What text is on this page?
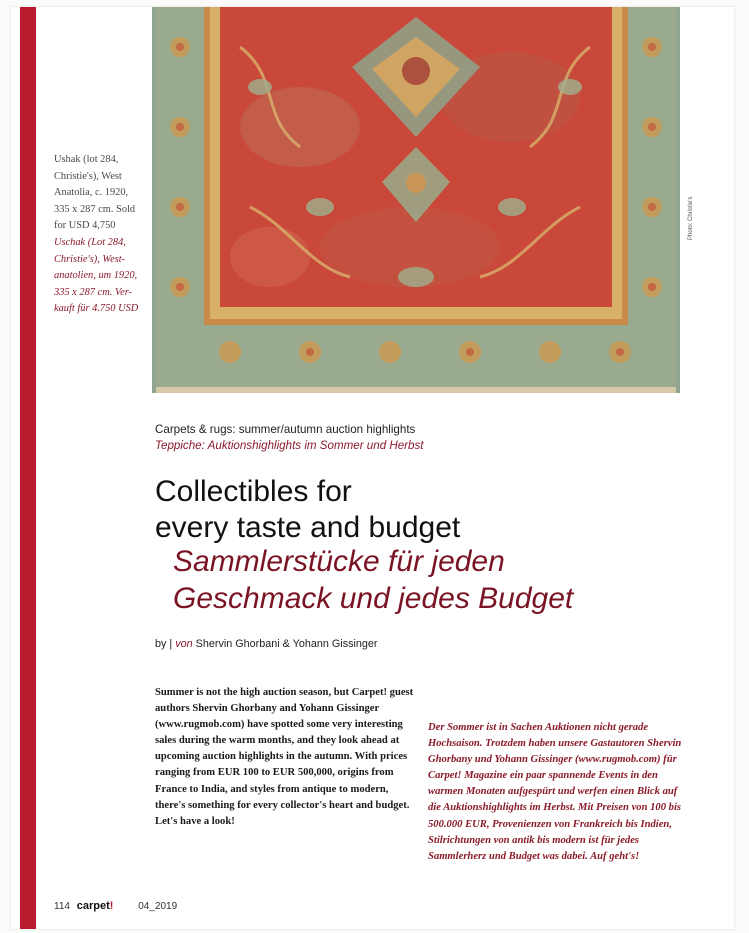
Photo: Christie's

Ushak (lot 284, Christie's), West Anatolia, c. 1920, 335 x 287 cm. Sold for USD 4,750

Uschak (Lot 284, Christie's), West-anatolien, um 1920, 335 x 287 cm. Ver-kauft für 4.750 USD

Carpets & rugs: summer/autumn auction highlights
Teppiche: Auktionshighlights im Sommer und Herbst
Collectibles for
every taste and budget
Sammlerstücke für jeden
Geschmack und jedes Budget
by | von Shervin Ghorbani & Yohann Gissinger

Summer is not the high auction season, but Carpet! guest authors Shervin Ghorbany and Yohann Gissinger (www.rugmob.com) have spotted some very interesting sales during the warm months, and they look ahead at upcoming auction highlights in the autumn. With prices ranging from EUR 100 to EUR 500,000, origins from France to India, and styles from antique to modern, there's something for every collector's heart and budget. Let's have a look!

Der Sommer ist in Sachen Auktionen nicht gerade Hochsaison. Trotzdem haben unsere Gastautoren Shervin Ghorbany und Yohann Gissinger (www.rugmob.com) für Carpet! Magazine ein paar spannende Events in den warmen Monaten aufgespürt und werfen einen Blick auf die Auktionshighlights im Herbst. Mit Preisen von 100 bis 500.000 EUR, Provenienzen von Frankreich bis Indien, Stilrichtungen von antik bis modern ist für jedes Sammlerherz und Budget was dabei. Auf geht's!

114 carpet! 04_2019
